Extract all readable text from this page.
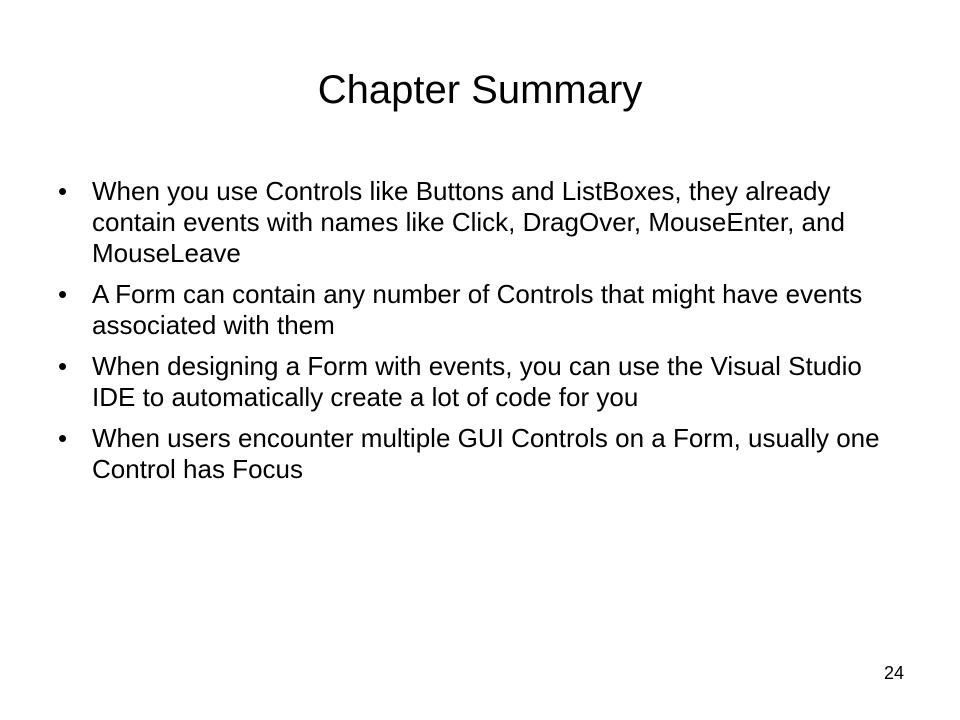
Chapter Summary
• When you use Controls like Buttons and ListBoxes, they already contain events with names like Click, DragOver, MouseEnter, and MouseLeave
• A Form can contain any number of Controls that might have events associated with them
• When designing a Form with events, you can use the Visual Studio IDE to automatically create a lot of code for you
• When users encounter multiple GUI Controls on a Form, usually one Control has Focus
24
